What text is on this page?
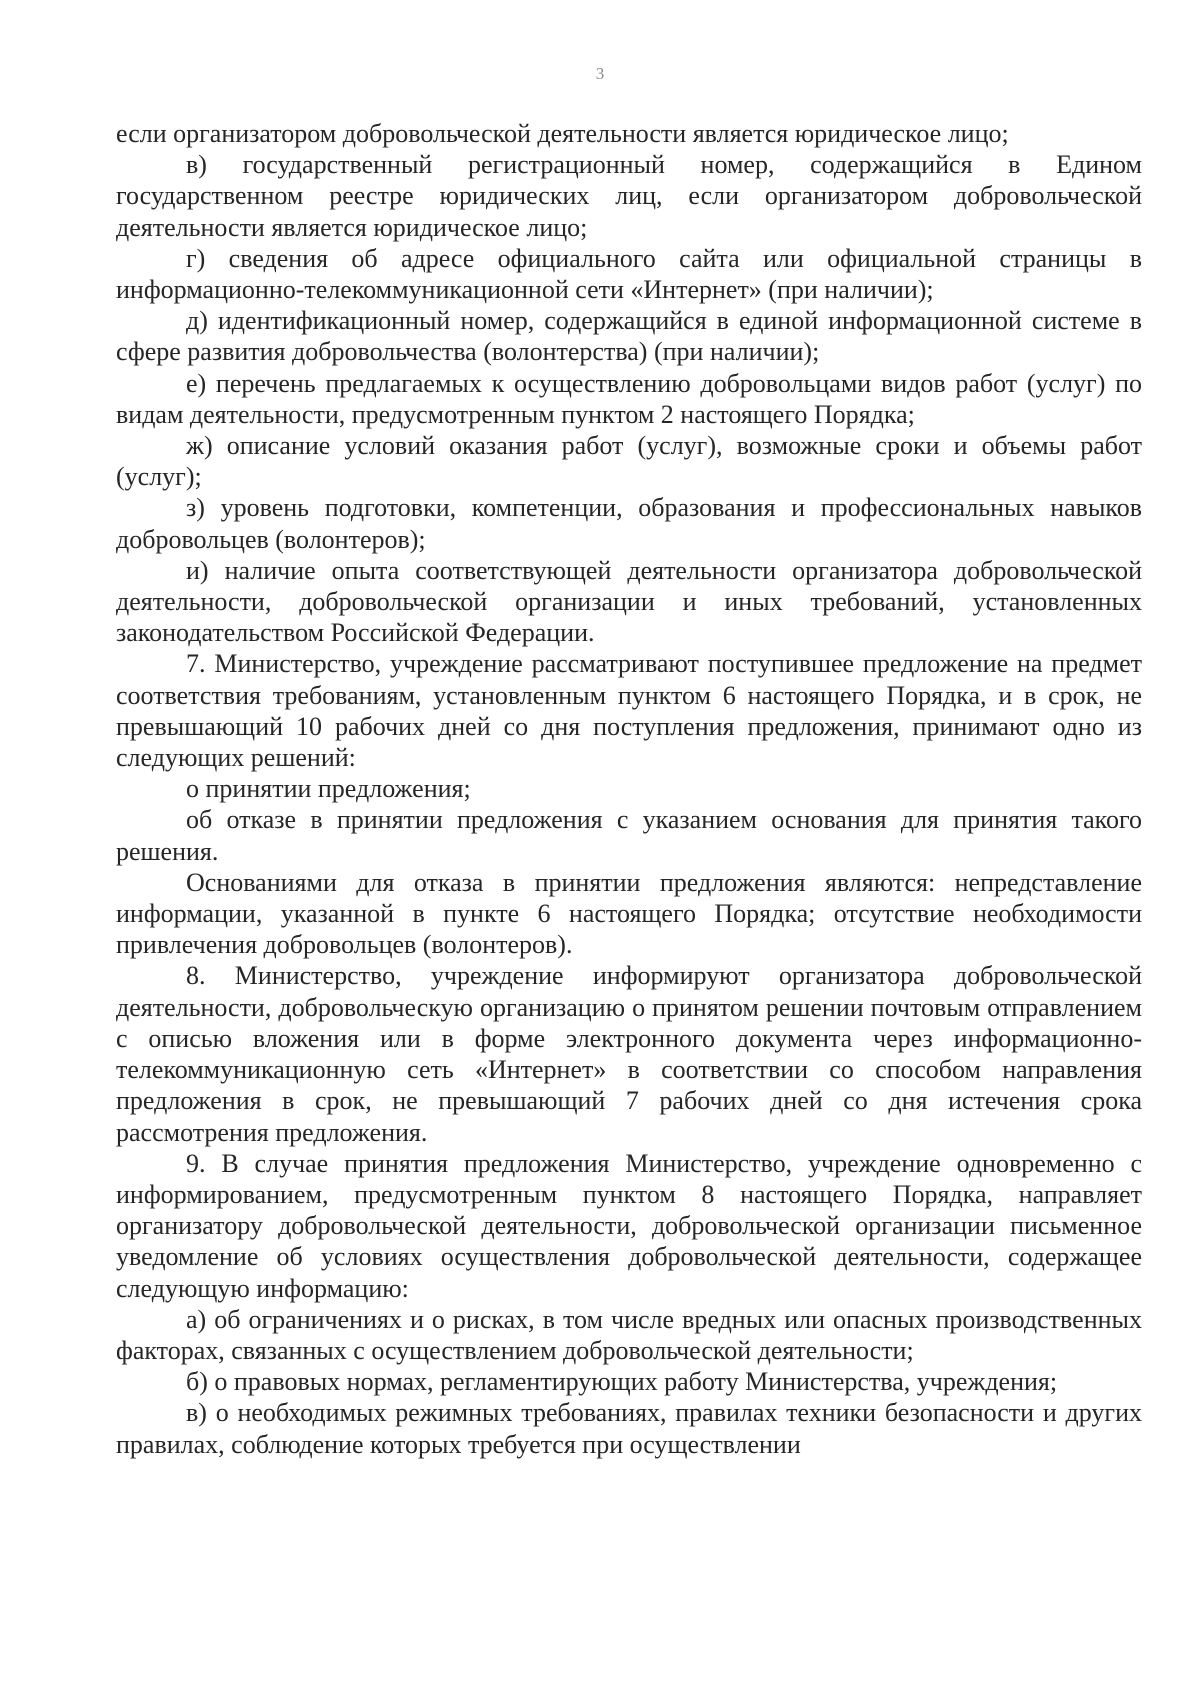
3

если организатором добровольческой деятельности является юридическое лицо;

в) государственный регистрационный номер, содержащийся в Едином государственном реестре юридических лиц, если организатором добровольческой деятельности является юридическое лицо;

г) сведения об адресе официального сайта или официальной страницы в информационно-телекоммуникационной сети «Интернет» (при наличии);

д) идентификационный номер, содержащийся в единой информационной системе в сфере развития добровольчества (волонтерства) (при наличии);

е) перечень предлагаемых к осуществлению добровольцами видов работ (услуг) по видам деятельности, предусмотренным пунктом 2 настоящего Порядка;

ж) описание условий оказания работ (услуг), возможные сроки и объемы работ (услуг);

з) уровень подготовки, компетенции, образования и профессиональных навыков добровольцев (волонтеров);

и) наличие опыта соответствующей деятельности организатора добровольческой деятельности, добровольческой организации и иных требований, установленных законодательством Российской Федерации.

7. Министерство, учреждение рассматривают поступившее предложение на предмет соответствия требованиям, установленным пунктом 6 настоящего Порядка, и в срок, не превышающий 10 рабочих дней со дня поступления предложения, принимают одно из следующих решений:

о принятии предложения;

об отказе в принятии предложения с указанием основания для принятия такого решения.

Основаниями для отказа в принятии предложения являются: непредставление информации, указанной в пункте 6 настоящего Порядка; отсутствие необходимости привлечения добровольцев (волонтеров).

8. Министерство, учреждение информируют организатора добровольческой деятельности, добровольческую организацию о принятом решении почтовым отправлением с описью вложения или в форме электронного документа через информационно-телекоммуникационную сеть «Интернет» в соответствии со способом направления предложения в срок, не превышающий 7 рабочих дней со дня истечения срока рассмотрения предложения.

9. В случае принятия предложения Министерство, учреждение одновременно с информированием, предусмотренным пунктом 8 настоящего Порядка, направляет организатору добровольческой деятельности, добровольческой организации письменное уведомление об условиях осуществления добровольческой деятельности, содержащее следующую информацию:

а) об ограничениях и о рисках, в том числе вредных или опасных производственных факторах, связанных с осуществлением добровольческой деятельности;

б) о правовых нормах, регламентирующих работу Министерства, учреждения;

в) о необходимых режимных требованиях, правилах техники безопасности и других правилах, соблюдение которых требуется при осуществлении
